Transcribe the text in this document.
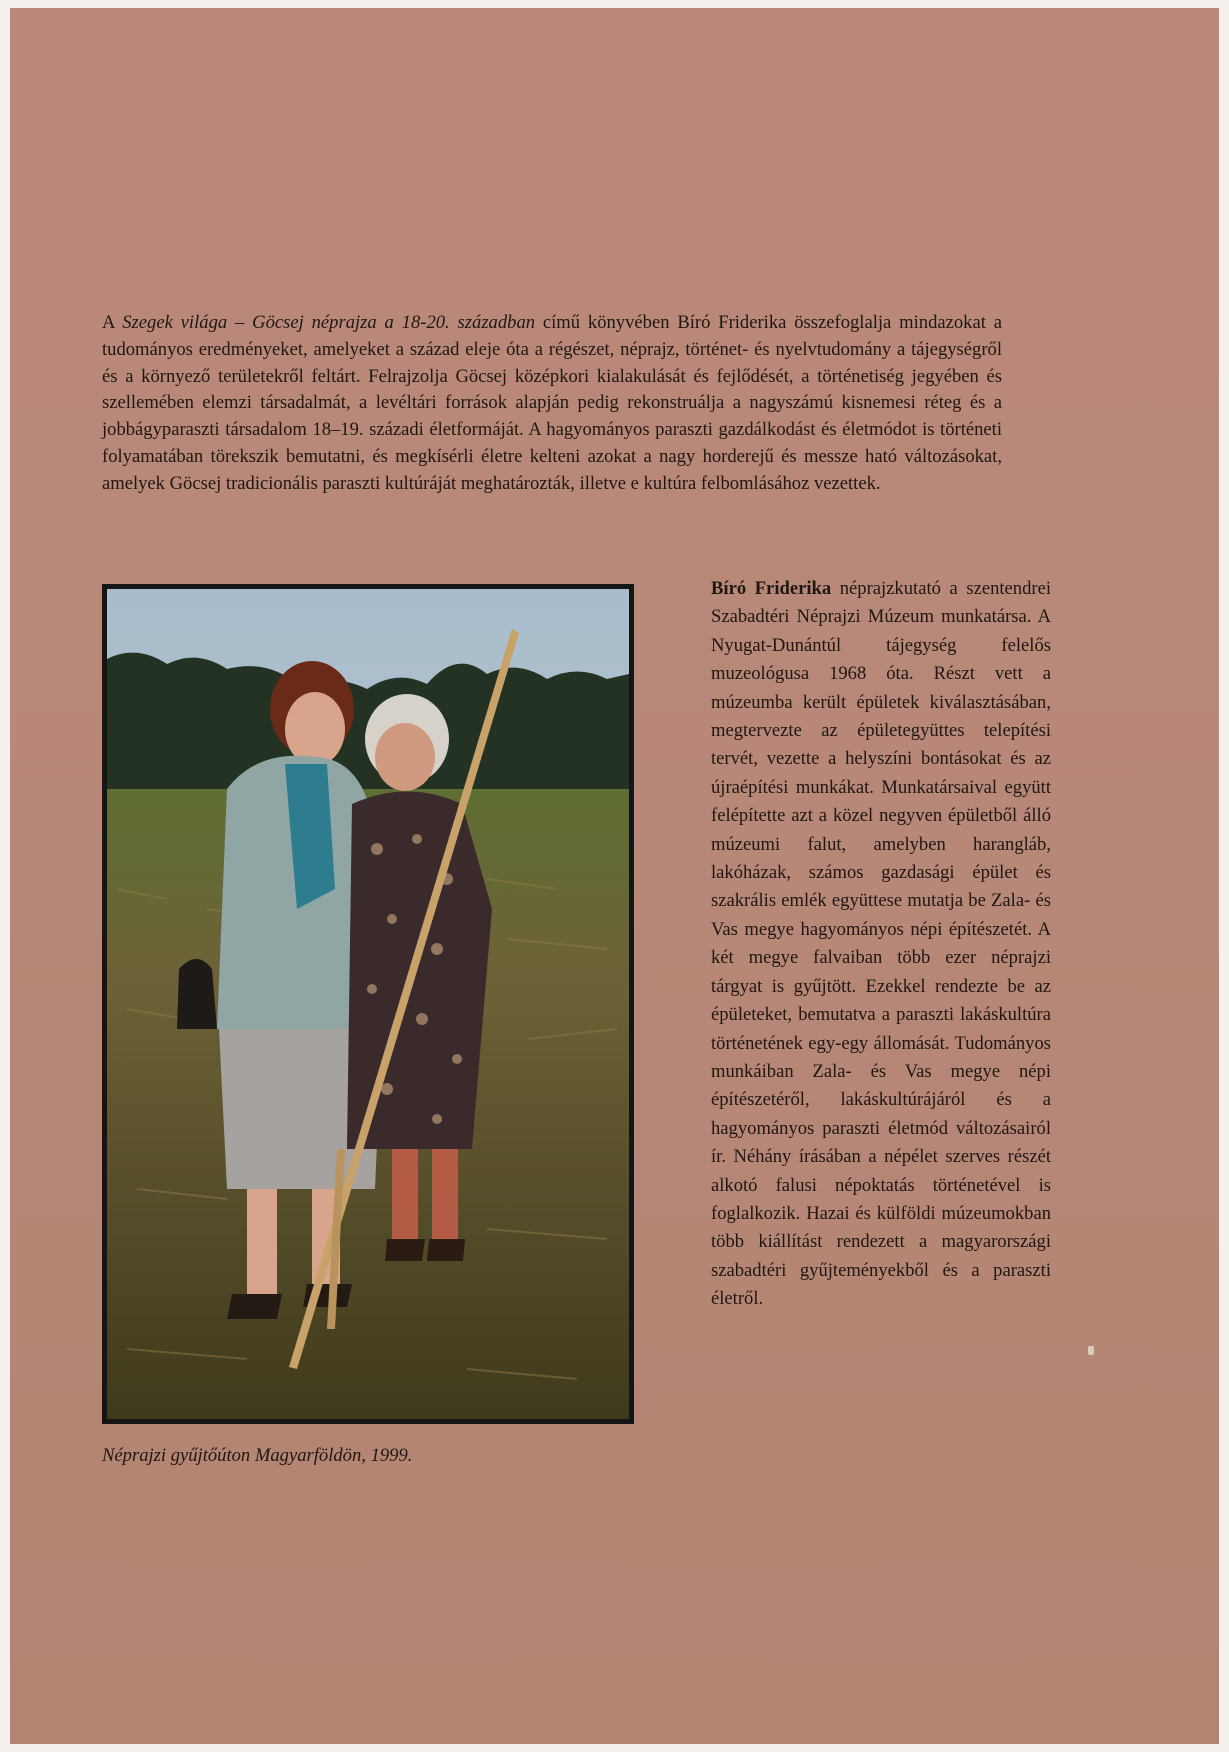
A Szegek világa – Göcsej néprajza a 18-20. században című könyvében Bíró Friderika összefoglalja mindazokat a tudományos eredményeket, amelyeket a század eleje óta a régészet, néprajz, történet- és nyelvtudomány a tájegységről és a környező területekről feltárt. Felrajzolja Göcsej középkori kialakulását és fejlődését, a történetiség jegyében és szellemében elemzi társadalmát, a levéltári források alapján pedig rekonstruálja a nagyszámú kisnemesi réteg és a jobbágyparaszti társadalom 18–19. századi életformáját. A hagyományos paraszti gazdálkodást és életmódot is történeti folyamatában törekszik bemutatni, és megkísérli életre kelteni azokat a nagy horderejű és messze ható változásokat, amelyek Göcsej tradicionális paraszti kultúráját meghatározták, illetve e kultúra felbomlásához vezettek.

Bíró Friderika néprajzkutató a szentendrei Szabadtéri Néprajzi Múzeum munkatársa. A Nyugat-Dunántúl tájegység felelős muzeológusa 1968 óta. Részt vett a múzeumba került épületek kiválasztásában, megtervezte az épületegyüttes telepítési tervét, vezette a helyszíni bontásokat és az újraépítési munkákat. Munkatársaival együtt felépítette azt a közel negyven épületből álló múzeumi falut, amelyben harangláb, lakóházak, számos gazdasági épület és szakrális emlék együttese mutatja be Zala- és Vas megye hagyományos népi építészetét. A két megye falvaiban több ezer néprajzi tárgyat is gyűjtött. Ezekkel rendezte be az épületeket, bemutatva a paraszti lakáskultúra történetének egy-egy állomását. Tudományos munkáiban Zala- és Vas megye népi építészetéről, lakáskultúrájáról és a hagyományos paraszti életmód változásairól ír. Néhány írásában a népélet szerves részét alkotó falusi népoktatás történetével is foglalkozik. Hazai és külföldi múzeumokban több kiállítást rendezett a magyarországi szabadtéri gyűjteményekből és a paraszti életről.

Néprajzi gyűjtőúton Magyarföldön, 1999.
